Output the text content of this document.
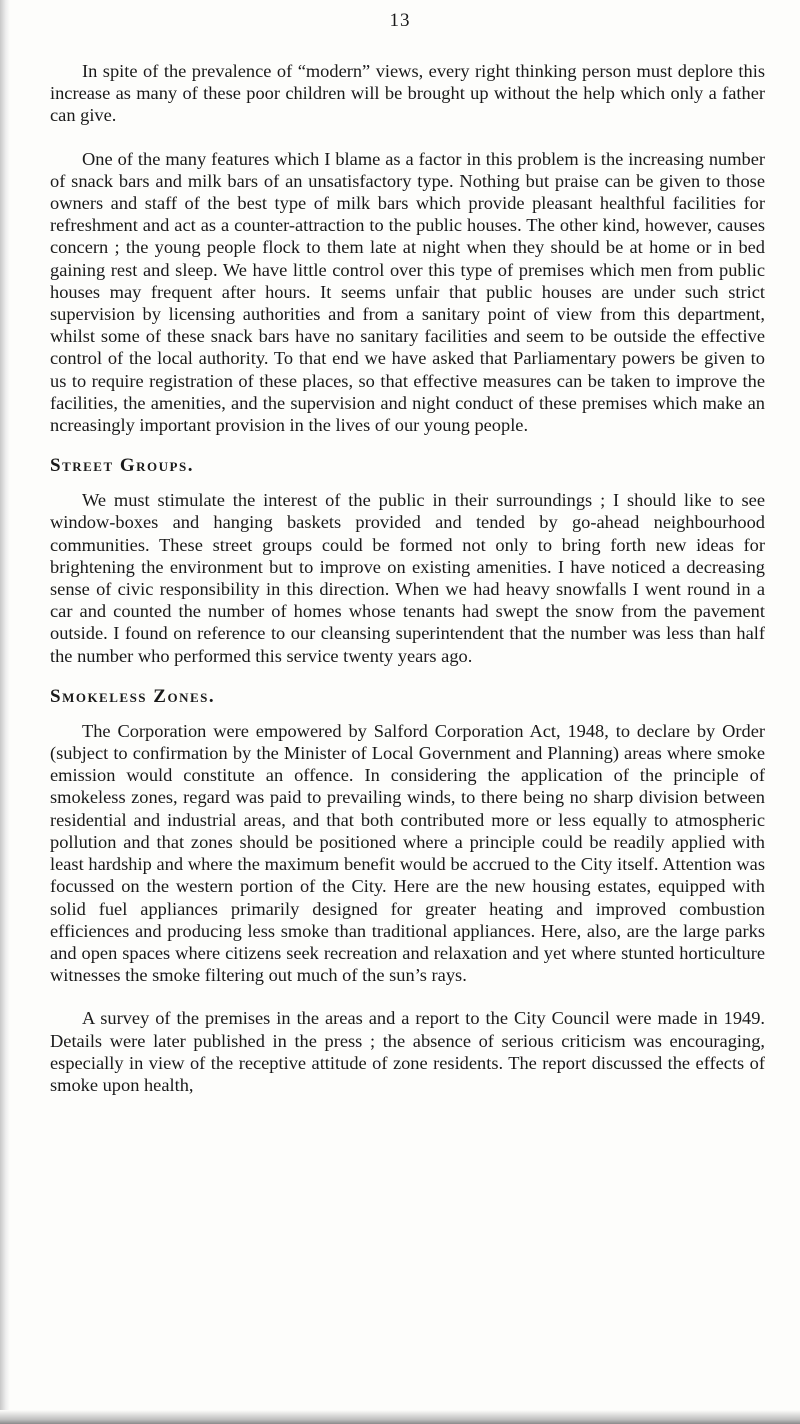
13

In spite of the prevalence of “modern” views, every right thinking person must deplore this increase as many of these poor children will be brought up without the help which only a father can give.

One of the many features which I blame as a factor in this problem is the increasing number of snack bars and milk bars of an unsatisfactory type. Nothing but praise can be given to those owners and staff of the best type of milk bars which provide pleasant healthful facilities for refreshment and act as a counter-attraction to the public houses. The other kind, however, causes concern ; the young people flock to them late at night when they should be at home or in bed gaining rest and sleep. We have little control over this type of premises which men from public houses may frequent after hours. It seems unfair that public houses are under such strict supervision by licensing authorities and from a sanitary point of view from this department, whilst some of these snack bars have no sanitary facilities and seem to be outside the effective control of the local authority. To that end we have asked that Parliamentary powers be given to us to require registration of these places, so that effective measures can be taken to improve the facilities, the amenities, and the supervision and night conduct of these premises which make an ncreasingly important provision in the lives of our young people.

Street Groups.

We must stimulate the interest of the public in their surroundings ; I should like to see window-boxes and hanging baskets provided and tended by go-ahead neighbourhood communities. These street groups could be formed not only to bring forth new ideas for brightening the environment but to improve on existing amenities. I have noticed a decreasing sense of civic responsibility in this direction. When we had heavy snowfalls I went round in a car and counted the number of homes whose tenants had swept the snow from the pavement outside. I found on reference to our cleansing superintendent that the number was less than half the number who performed this service twenty years ago.

Smokeless Zones.

The Corporation were empowered by Salford Corporation Act, 1948, to declare by Order (subject to confirmation by the Minister of Local Government and Planning) areas where smoke emission would constitute an offence. In considering the application of the principle of smokeless zones, regard was paid to prevailing winds, to there being no sharp division between residential and industrial areas, and that both contributed more or less equally to atmospheric pollution and that zones should be positioned where a principle could be readily applied with least hardship and where the maximum benefit would be accrued to the City itself. Attention was focussed on the western portion of the City. Here are the new housing estates, equipped with solid fuel appliances primarily designed for greater heating and improved combustion efficiences and producing less smoke than traditional appliances. Here, also, are the large parks and open spaces where citizens seek recreation and relaxation and yet where stunted horticulture witnesses the smoke filtering out much of the sun’s rays.

A survey of the premises in the areas and a report to the City Council were made in 1949. Details were later published in the press ; the absence of serious criticism was encouraging, especially in view of the receptive attitude of zone residents. The report discussed the effects of smoke upon health,
